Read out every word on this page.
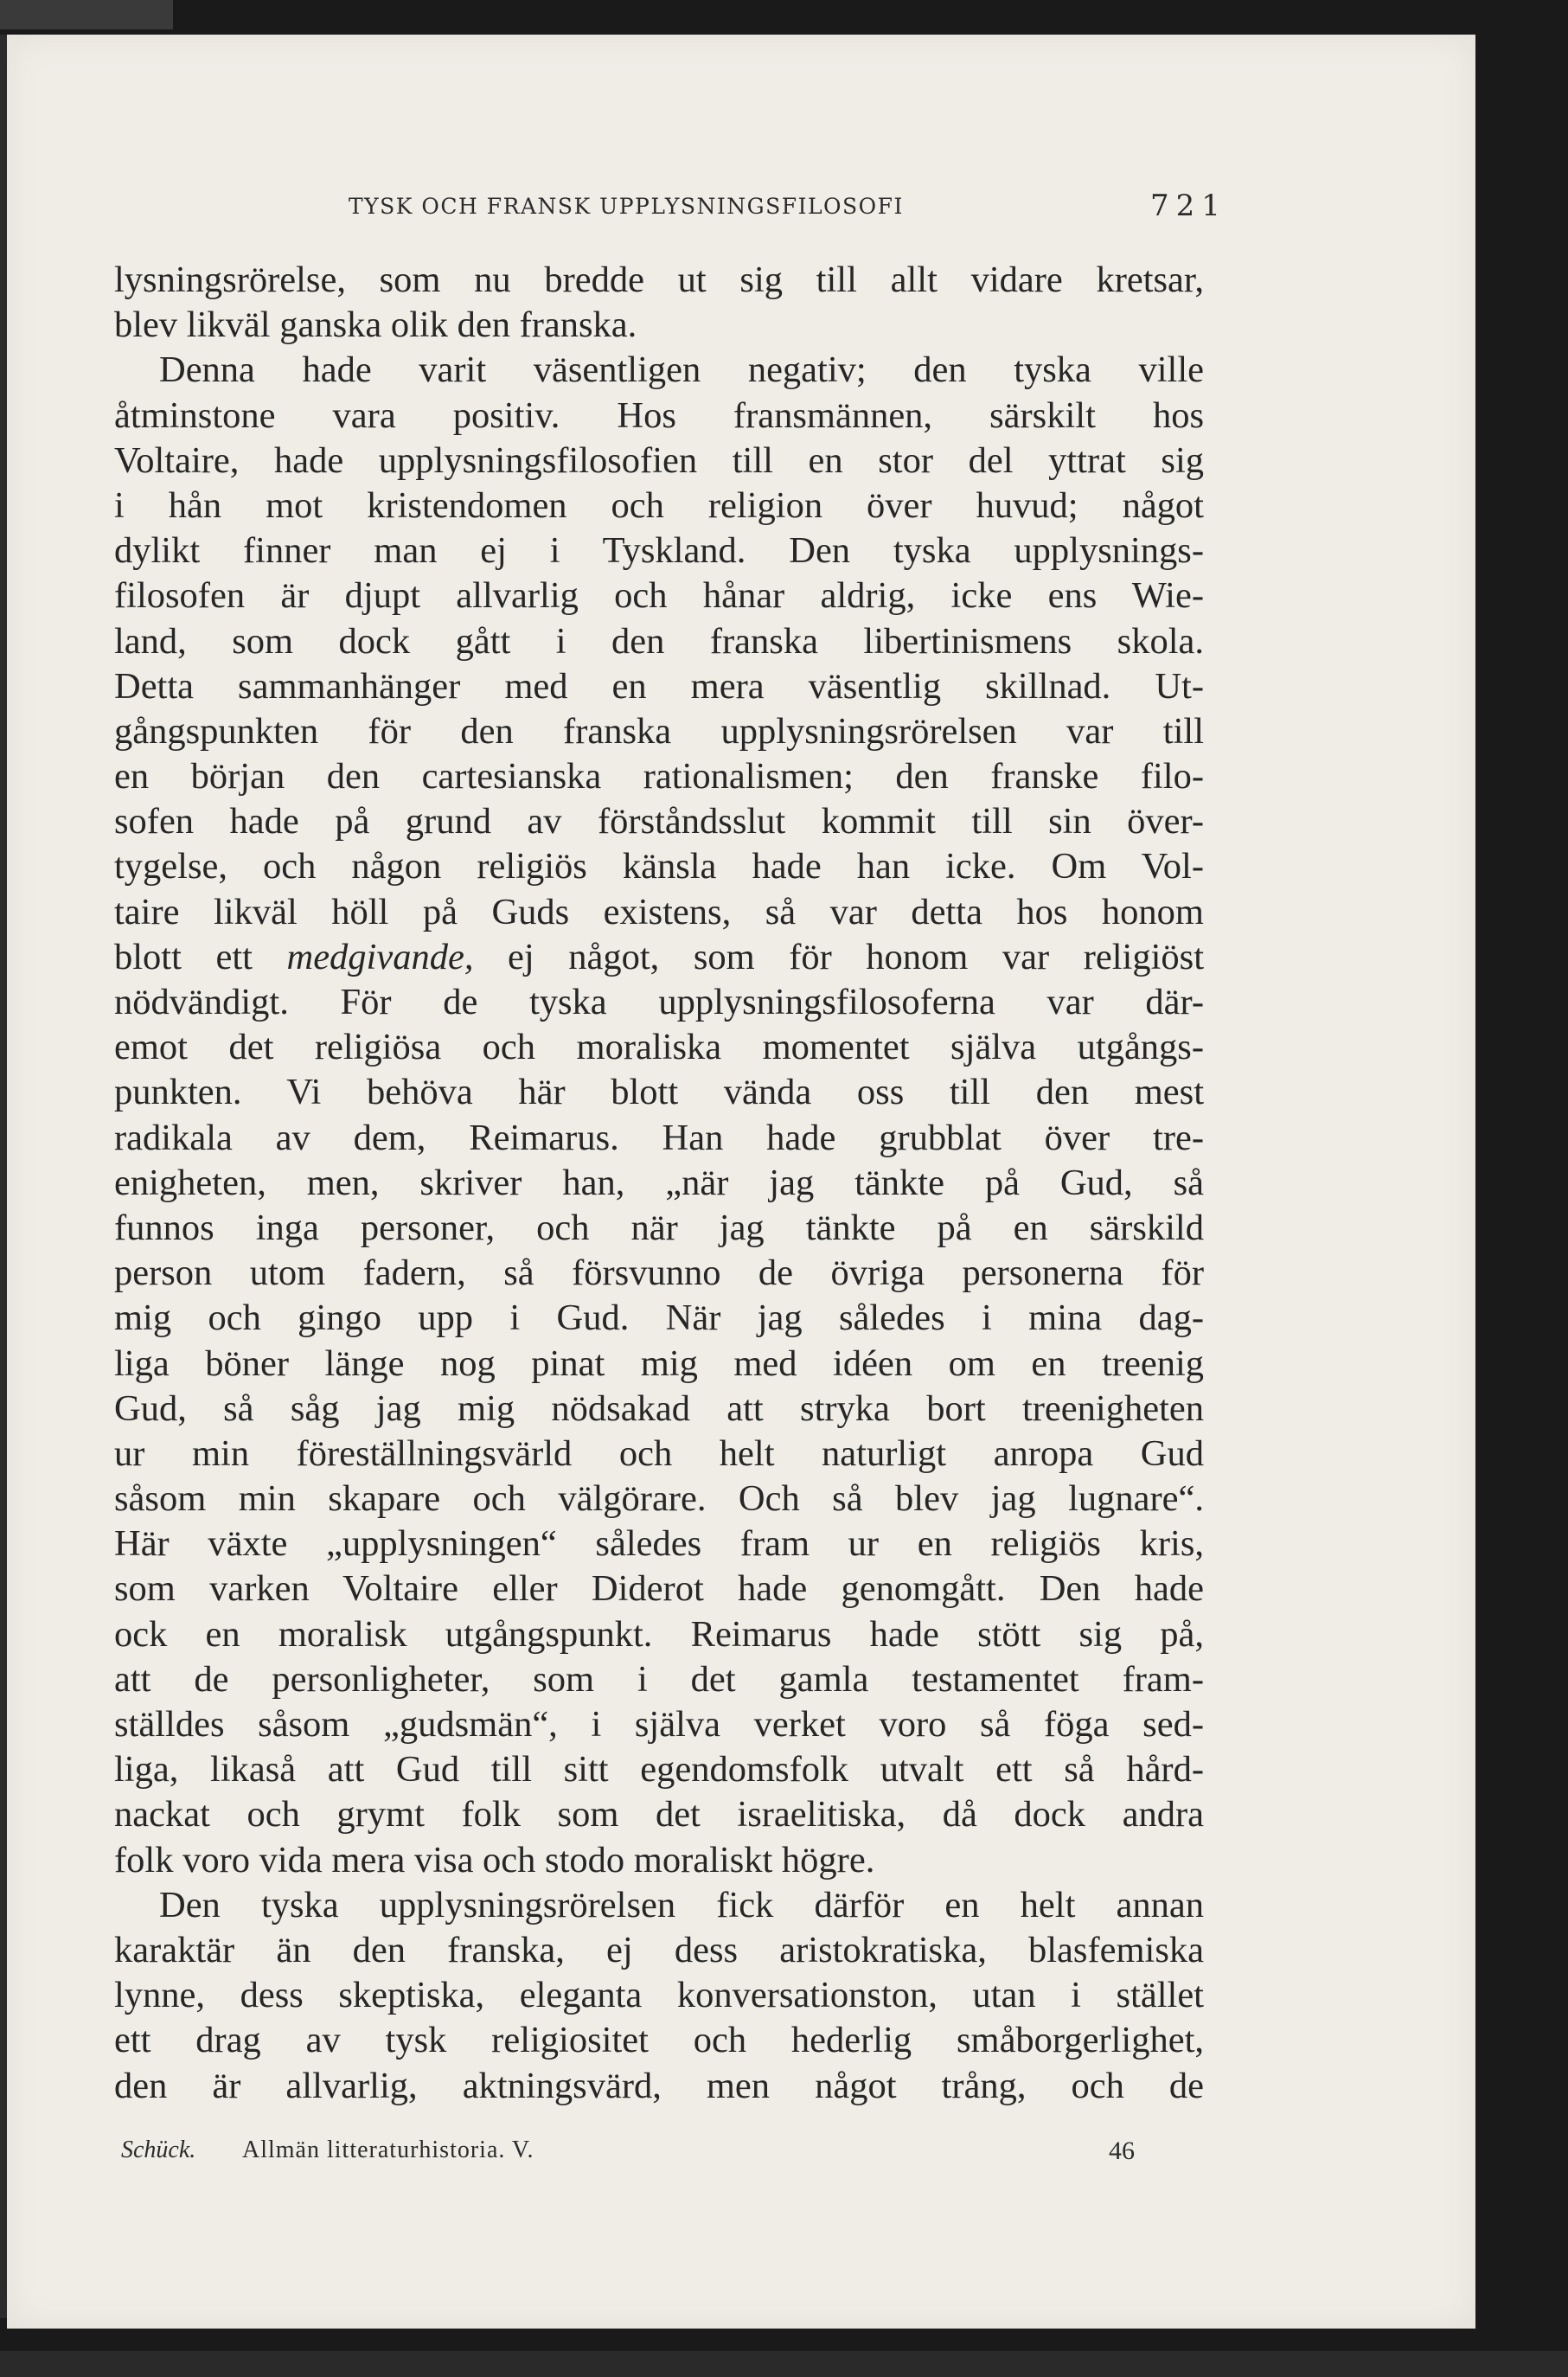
TYSK OCH FRANSK UPPLYSNINGSFILOSOFI	721
lysningsrörelse, som nu bredde ut sig till allt vidare kretsar,
blev likväl ganska olik den franska.
Denna hade varit väsentligen negativ; den tyska ville
åtminstone vara positiv. Hos fransmännen, särskilt hos
Voltaire, hade upplysningsfilosofien till en stor del yttrat sig
i hån mot kristendomen och religion över huvud; något
dylikt finner man ej i Tyskland. Den tyska upplysnings-
filosofen är djupt allvarlig och hånar aldrig, icke ens Wie-
land, som dock gått i den franska libertinismens skola.
Detta sammanhänger med en mera väsentlig skillnad. Ut-
gångspunkten för den franska upplysningsrörelsen var till
en början den cartesianska rationalismen; den franske filo-
sofen hade på grund av förståndsslut kommit till sin över-
tygelse, och någon religiös känsla hade han icke. Om Vol-
taire likväl höll på Guds existens, så var detta hos honom
blott ett medgivande, ej något, som för honom var religiöst
nödvändigt. För de tyska upplysningsfilosoferna var där-
emot det religiösa och moraliska momentet själva utgångs-
punkten. Vi behöva här blott vända oss till den mest
radikala av dem, Reimarus. Han hade grubblat över tre-
enigheten, men, skriver han, „när jag tänkte på Gud, så
funnos inga personer, och när jag tänkte på en särskild
person utom fadern, så försvunno de övriga personerna för
mig och gingo upp i Gud. När jag således i mina dag-
liga böner länge nog pinat mig med idéen om en treenig
Gud, så såg jag mig nödsakad att stryka bort treenigheten
ur min föreställningsvärld och helt naturligt anropa Gud
såsom min skapare och välgörare. Och så blev jag lugnare“.
Här växte „upplysningen“ således fram ur en religiös kris,
som varken Voltaire eller Diderot hade genomgått. Den hade
ock en moralisk utgångspunkt. Reimarus hade stött sig på,
att de personligheter, som i det gamla testamentet fram-
ställdes såsom „gudsmän“, i själva verket voro så föga sed-
liga, likaså att Gud till sitt egendomsfolk utvalt ett så hård-
nackat och grymt folk som det israelitiska, då dock andra
folk voro vida mera visa och stodo moraliskt högre.
Den tyska upplysningsrörelsen fick därför en helt annan
karaktär än den franska, ej dess aristokratiska, blasfemiska
lynne, dess skeptiska, eleganta konversationston, utan i stället
ett drag av tysk religiositet och hederlig småborgerlighet,
den är allvarlig, aktningsvärd, men något trång, och de
Schück. Allmän litteraturhistoria. V.	46
